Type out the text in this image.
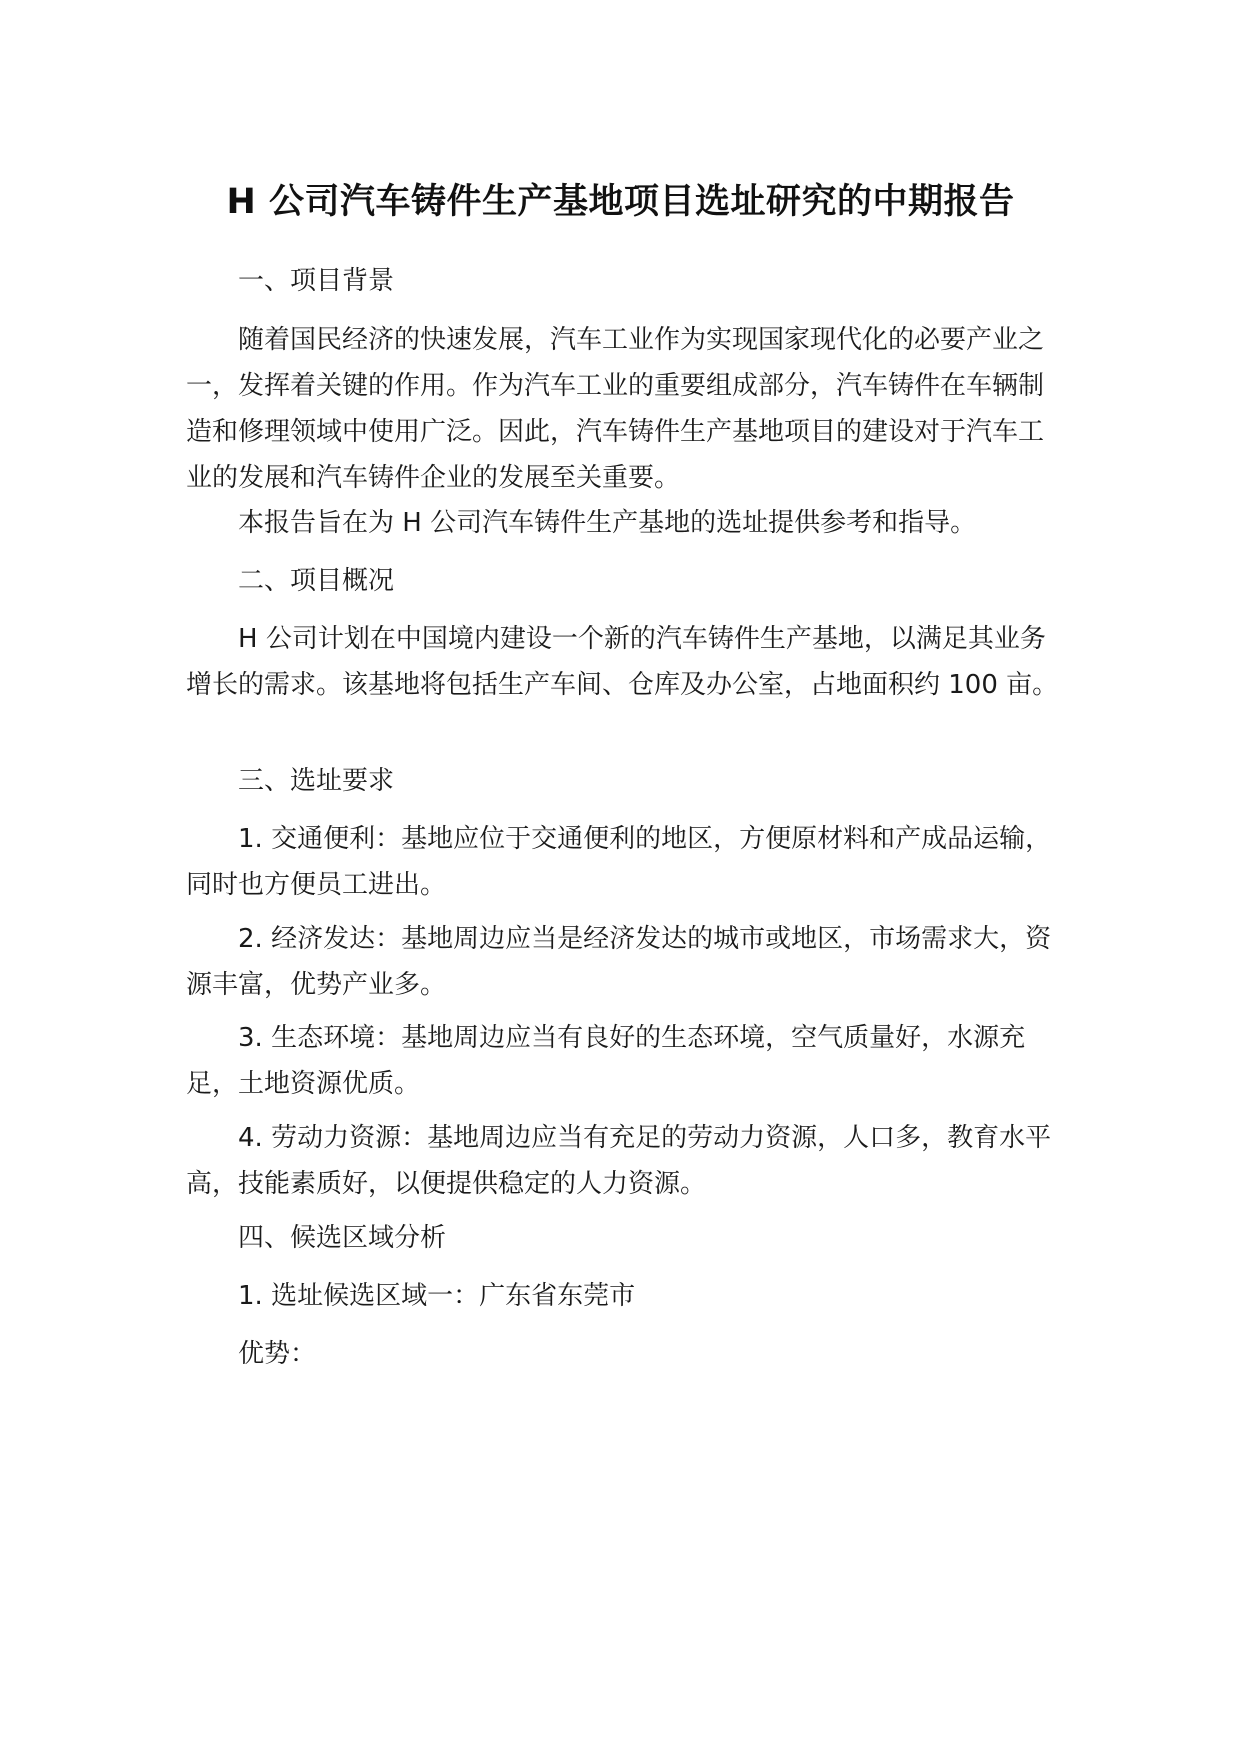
H 公司汽车铸件生产基地项目选址研究的中期报告

一、项目背景

随着国民经济的快速发展，汽车工业作为实现国家现代化的必要产业之一，发挥着关键的作用。作为汽车工业的重要组成部分，汽车铸件在车辆制造和修理领域中使用广泛。因此，汽车铸件生产基地项目的建设对于汽车工业的发展和汽车铸件企业的发展至关重要。

本报告旨在为 H 公司汽车铸件生产基地的选址提供参考和指导。

二、项目概况

H 公司计划在中国境内建设一个新的汽车铸件生产基地，以满足其业务增长的需求。该基地将包括生产车间、仓库及办公室，占地面积约 100 亩。

三、选址要求

1. 交通便利：基地应位于交通便利的地区，方便原材料和产成品运输，同时也方便员工进出。

2. 经济发达：基地周边应当是经济发达的城市或地区，市场需求大，资源丰富，优势产业多。

3. 生态环境：基地周边应当有良好的生态环境，空气质量好，水源充足，土地资源优质。

4. 劳动力资源：基地周边应当有充足的劳动力资源，人口多，教育水平高，技能素质好，以便提供稳定的人力资源。

四、候选区域分析

1. 选址候选区域一：广东省东莞市

优势：
